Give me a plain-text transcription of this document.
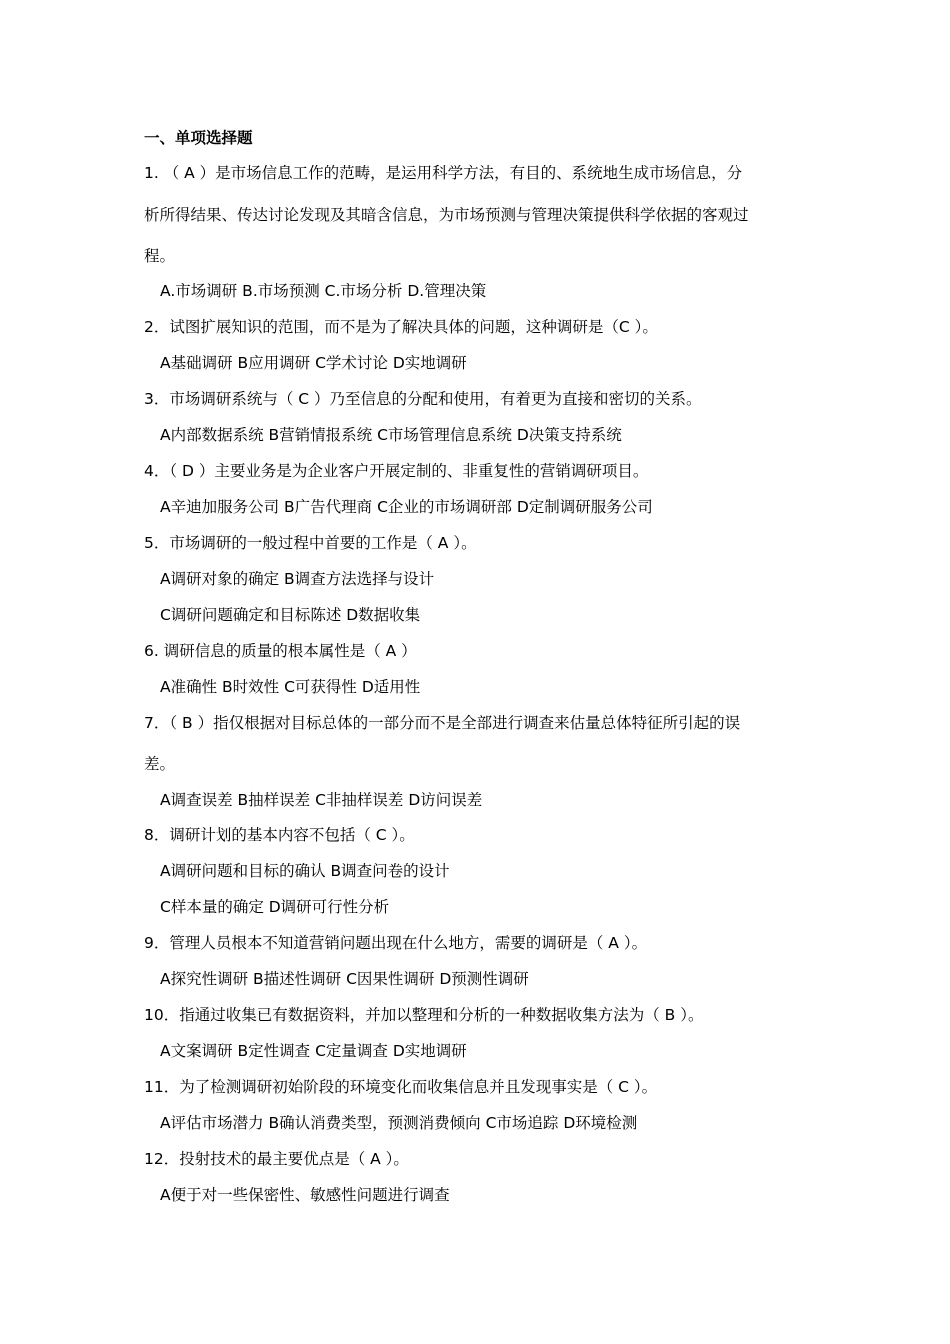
一、单项选择题
1. （ A ）是市场信息工作的范畴，是运用科学方法，有目的、系统地生成市场信息，分
析所得结果、传达讨论发现及其暗含信息，为市场预测与管理决策提供科学依据的客观过
程。
A.市场调研 B.市场预测 C.市场分析 D.管理决策
2．试图扩展知识的范围，而不是为了解决具体的问题，这种调研是（C ）。
A基础调研 B应用调研 C学术讨论 D实地调研
3．市场调研系统与（ C ）乃至信息的分配和使用，有着更为直接和密切的关系。
A内部数据系统 B营销情报系统 C市场管理信息系统 D决策支持系统
4．（ D ）主要业务是为企业客户开展定制的、非重复性的营销调研项目。
A辛迪加服务公司 B广告代理商 C企业的市场调研部 D定制调研服务公司
5．市场调研的一般过程中首要的工作是（ A ）。
A调研对象的确定 B调查方法选择与设计
C调研问题确定和目标陈述 D数据收集
6. 调研信息的质量的根本属性是（ A ）
A准确性 B时效性 C可获得性 D适用性
7．（ B ）指仅根据对目标总体的一部分而不是全部进行调查来估量总体特征所引起的误
差。
A调查误差 B抽样误差 C非抽样误差 D访问误差
8．调研计划的基本内容不包括（ C ）。
A调研问题和目标的确认 B调查问卷的设计
C样本量的确定 D调研可行性分析
9．管理人员根本不知道营销问题出现在什么地方，需要的调研是（ A ）。
A探究性调研 B描述性调研 C因果性调研 D预测性调研
10．指通过收集已有数据资料，并加以整理和分析的一种数据收集方法为（ B ）。
A文案调研 B定性调查 C定量调查 D实地调研
11．为了检测调研初始阶段的环境变化而收集信息并且发现事实是（ C ）。
A评估市场潜力 B确认消费类型，预测消费倾向 C市场追踪 D环境检测
12．投射技术的最主要优点是（ A ）。
A便于对一些保密性、敏感性问题进行调查
